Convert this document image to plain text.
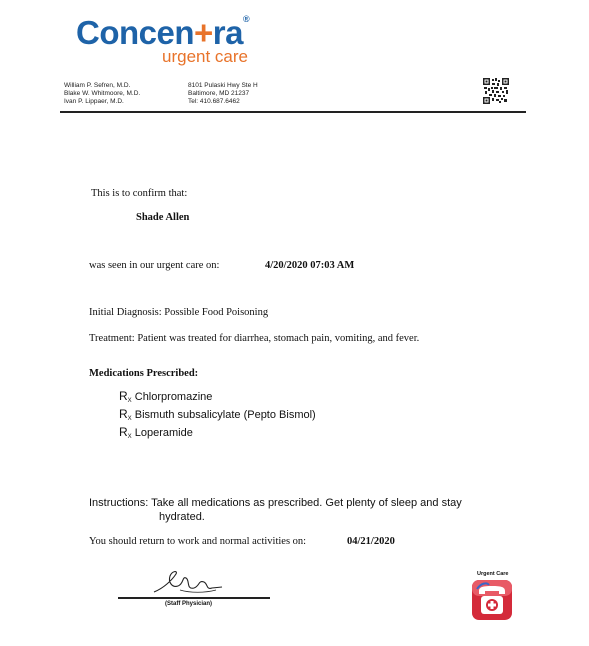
Concen+ra®
urgent care
William P. Sefren, M.D.
Blake W. Whitmoore, M.D.
Ivan P. Lippaer, M.D.
8101 Pulaski Hwy Ste H
Baltimore, MD 21237
Tel: 410.687.6462
This is to confirm that:
Shade Allen
was seen in our urgent care on:	4/20/2020 07:03 AM
Initial Diagnosis: Possible Food Poisoning
Treatment: Patient was treated for diarrhea, stomach pain, vomiting, and fever.
Medications Prescribed:
$R_X$ Chlorpromazine
$R_X$ Bismuth subsalicylate (Pepto Bismol)
$R_X$ Loperamide
Instructions: Take all medications as prescribed. Get plenty of sleep and stay
hydrated.
You should return to work and normal activities on:	04/21/2020
(Staff Physician)
Urgent Care
